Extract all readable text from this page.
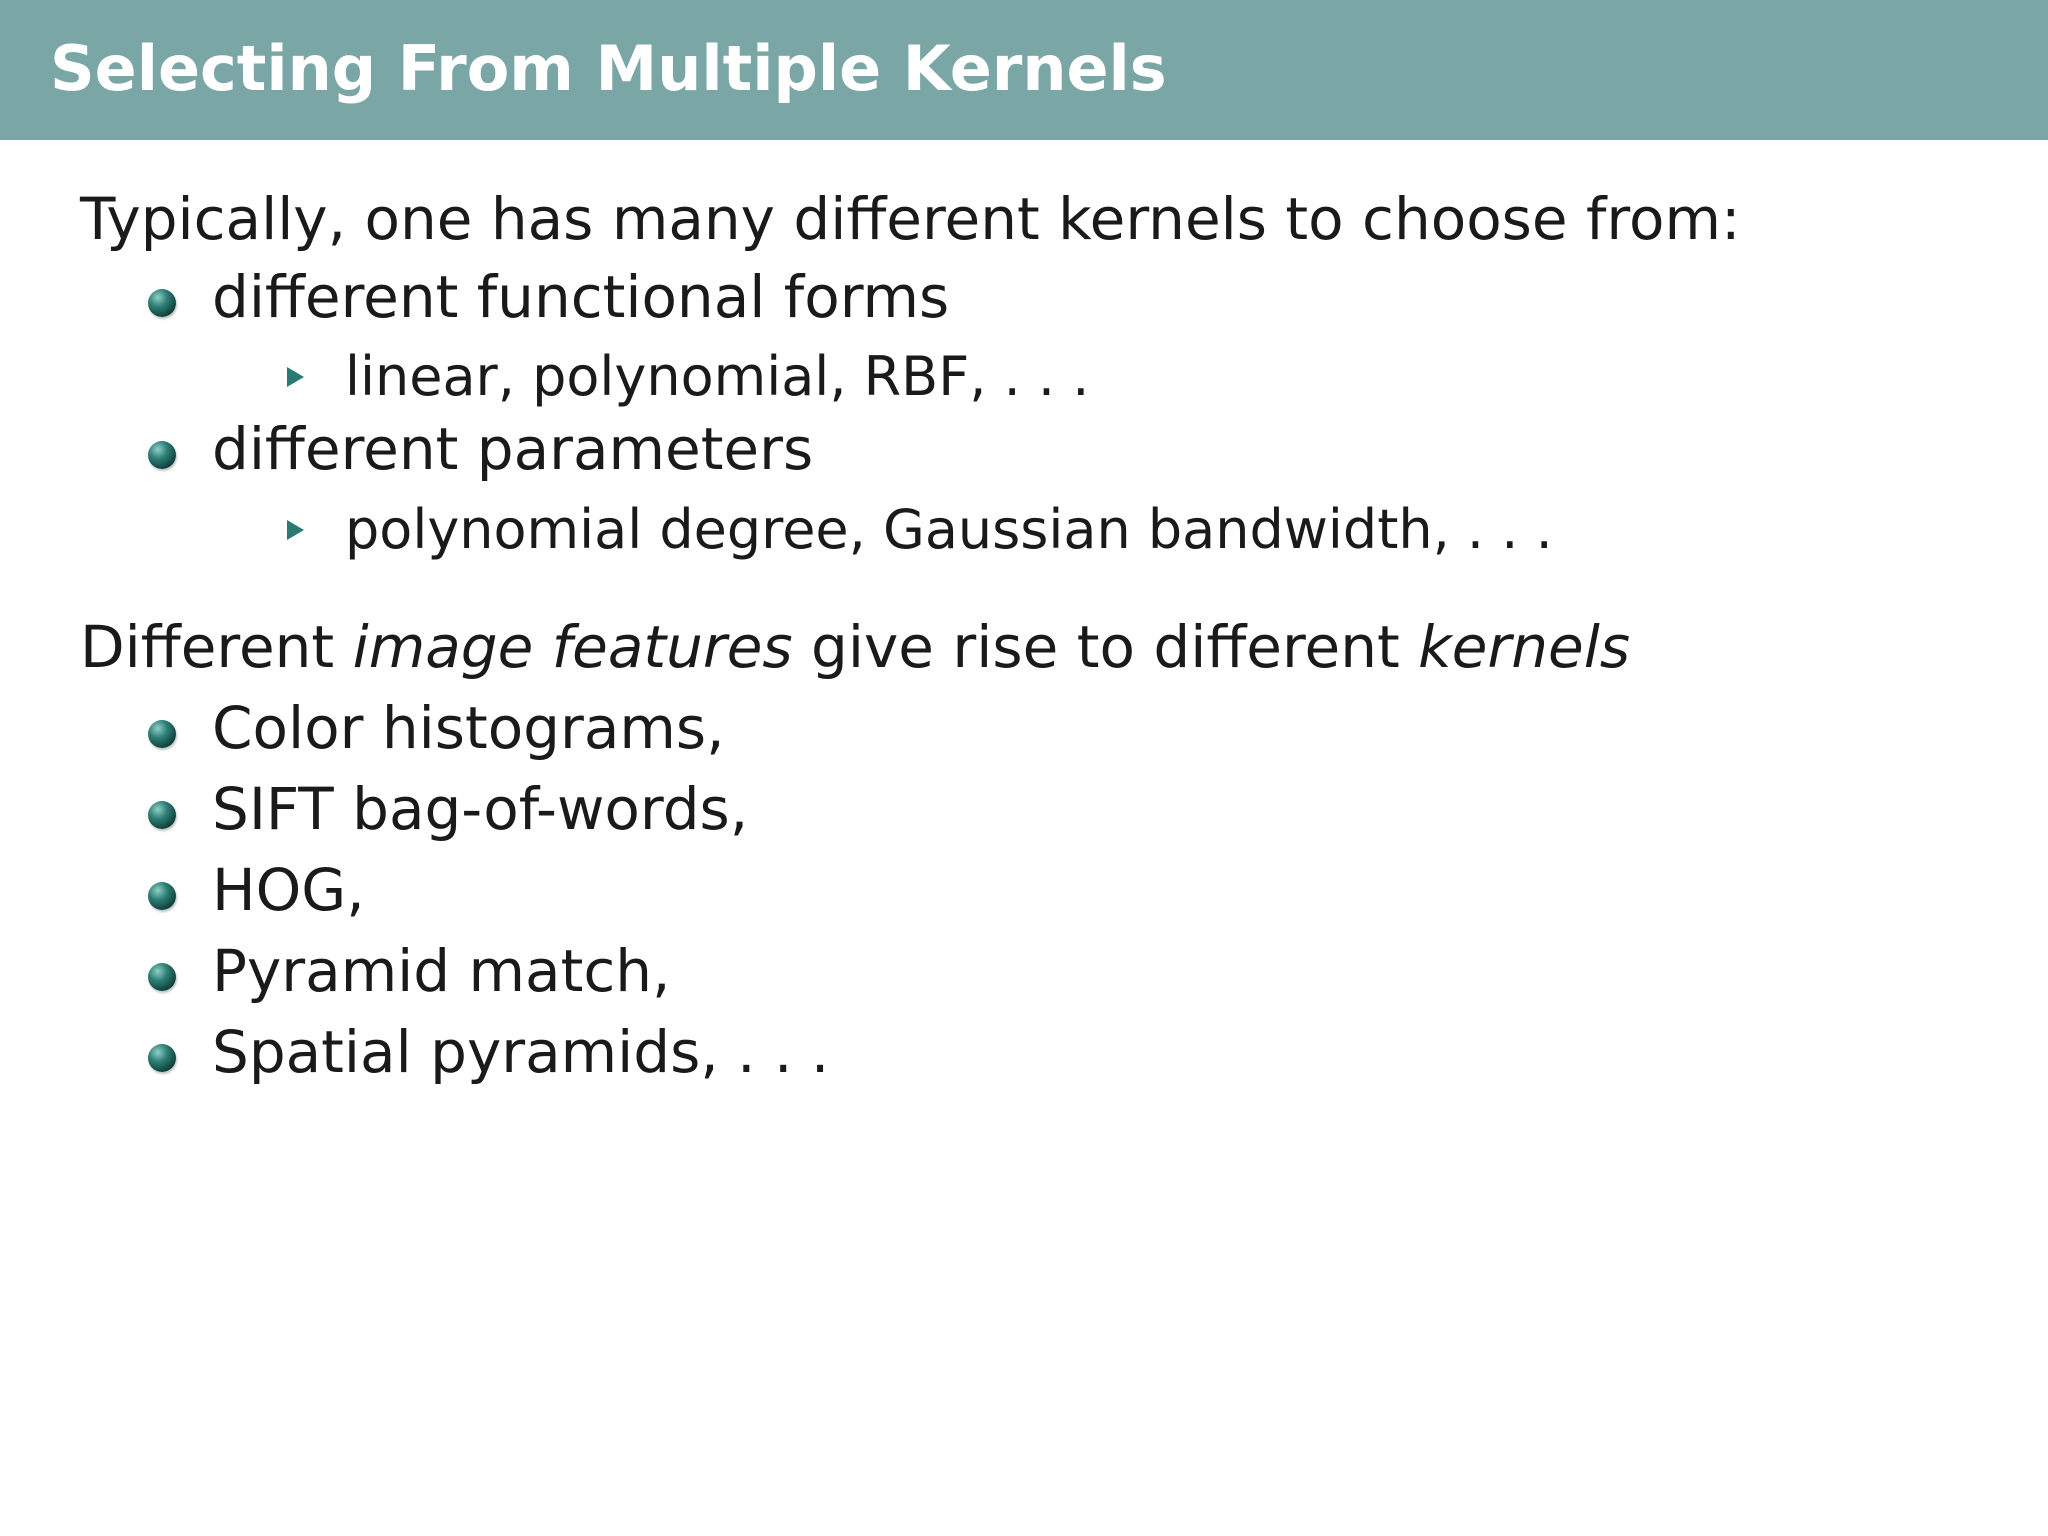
Selecting From Multiple Kernels
Typically, one has many different kernels to choose from:
different functional forms
linear, polynomial, RBF, . . .
different parameters
polynomial degree, Gaussian bandwidth, . . .
Different image features give rise to different kernels
Color histograms,
SIFT bag-of-words,
HOG,
Pyramid match,
Spatial pyramids, . . .
